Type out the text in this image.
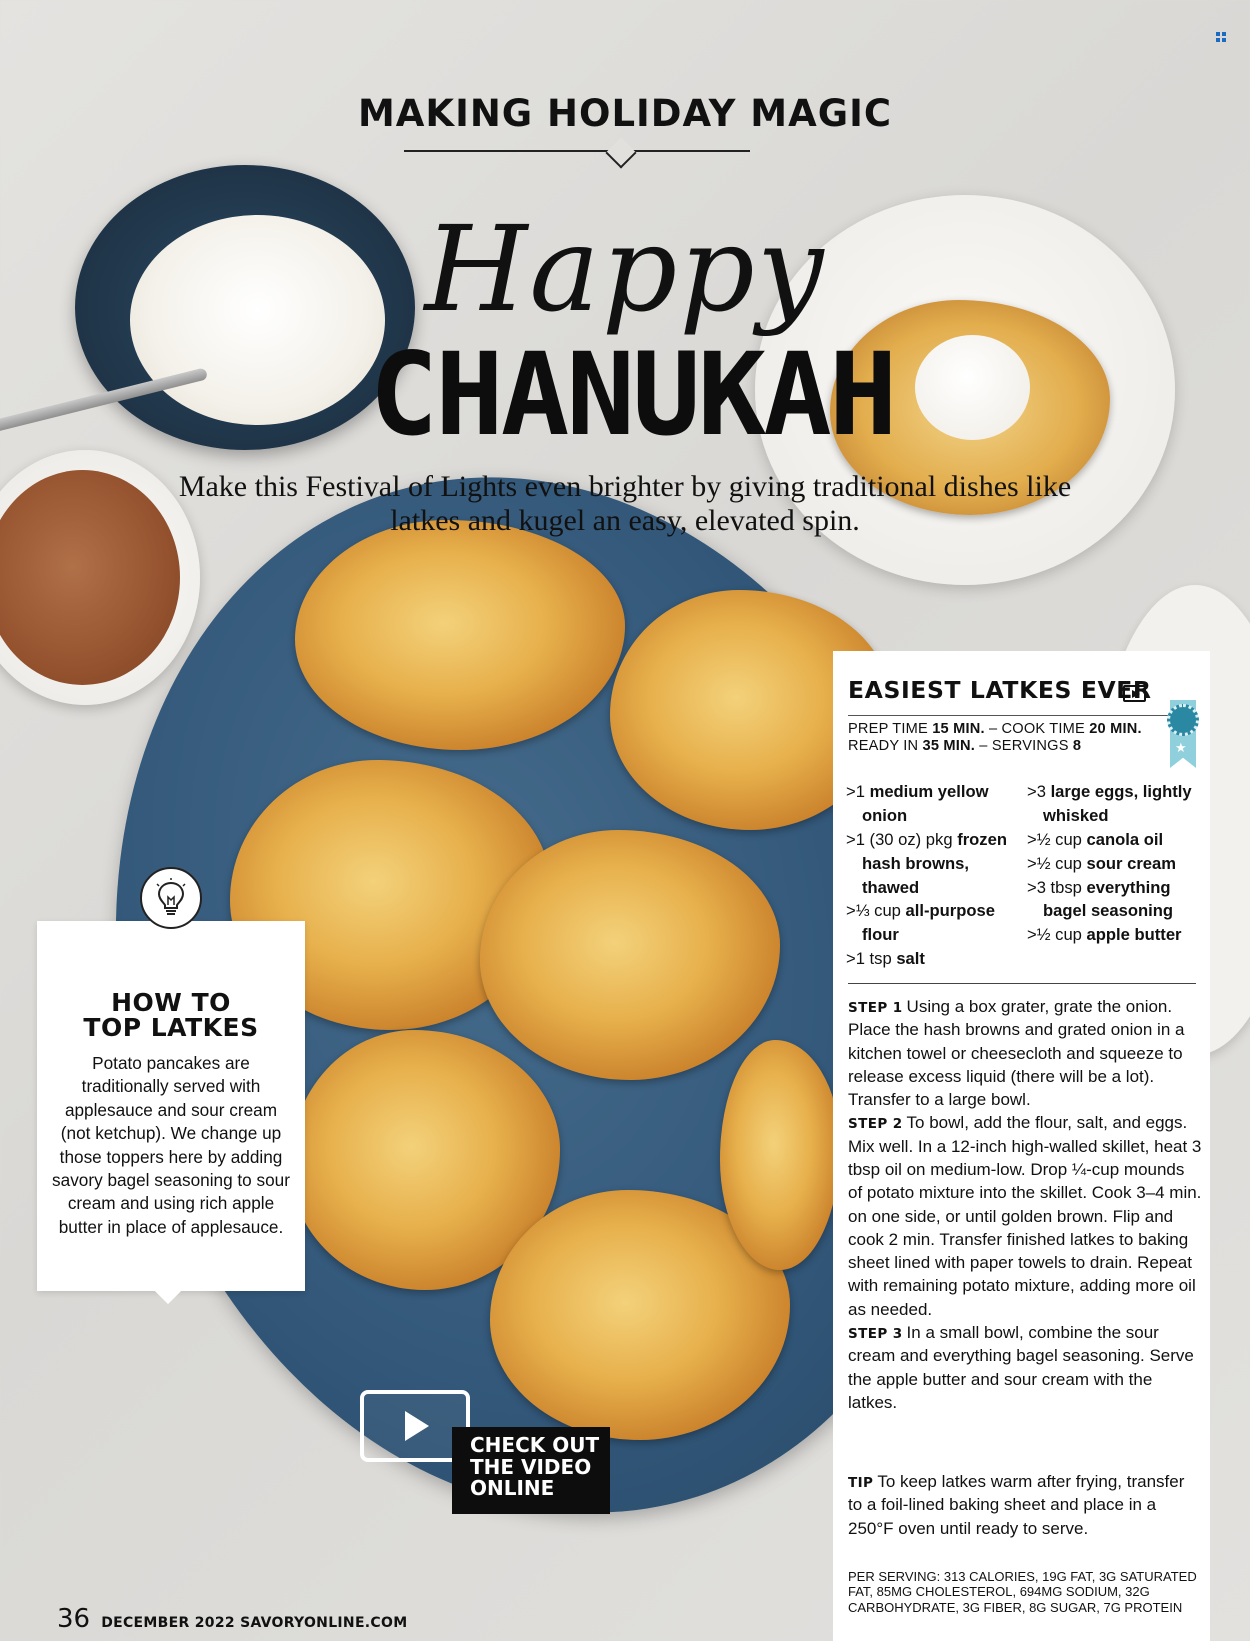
MAKING HOLIDAY MAGIC
Happy
CHANUKAH
Make this Festival of Lights even brighter by giving traditional dishes like latkes and kugel an easy, elevated spin.
HOW TO
TOP LATKES
Potato pancakes are traditionally served with applesauce and sour cream (not ketchup). We change up those toppers here by adding savory bagel seasoning to sour cream and using rich apple butter in place of applesauce.
CHECK OUT
THE VIDEO
ONLINE
EASIEST LATKES EVER
★
PREP TIME 15 MIN. – COOK TIME 20 MIN.
READY IN 35 MIN. – SERVINGS 8
>1 medium yellow onion
>1 (30 oz) pkg frozen hash browns, thawed
>⅓ cup all-purpose flour
>1 tsp salt
>3 large eggs, lightly whisked
>½ cup canola oil
>½ cup sour cream
>3 tbsp everything bagel seasoning
>½ cup apple butter
STEP 1 Using a box grater, grate the onion. Place the hash browns and grated onion in a kitchen towel or cheesecloth and squeeze to release excess liquid (there will be a lot). Transfer to a large bowl.
STEP 2 To bowl, add the flour, salt, and eggs. Mix well. In a 12-inch high-walled skillet, heat 3 tbsp oil on medium-low. Drop ¼-cup mounds of potato mixture into the skillet. Cook 3–4 min. on one side, or until golden brown. Flip and cook 2 min. Transfer finished latkes to baking sheet lined with paper towels to drain. Repeat with remaining potato mixture, adding more oil as needed.
STEP 3 In a small bowl, combine the sour cream and everything bagel seasoning. Serve the apple butter and sour cream with the latkes.
TIP To keep latkes warm after frying, transfer to a foil-lined baking sheet and place in a 250°F oven until ready to serve.
PER SERVING: 313 CALORIES, 19G FAT, 3G SATURATED FAT, 85MG CHOLESTEROL, 694MG SODIUM, 32G CARBOHYDRATE, 3G FIBER, 8G SUGAR, 7G PROTEIN
36 DECEMBER 2022 SAVORYONLINE.COM
